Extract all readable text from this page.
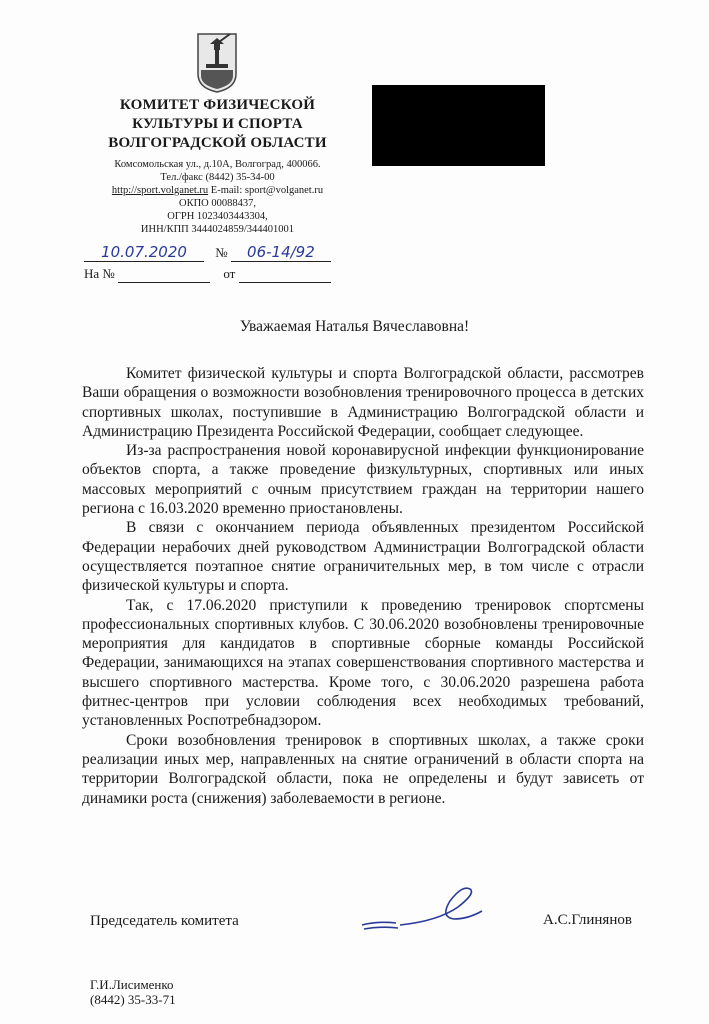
КОМИТЕТ ФИЗИЧЕСКОЙ
КУЛЬТУРЫ И СПОРТА
ВОЛГОГРАДСКОЙ ОБЛАСТИ
Комсомольская ул., д.10А, Волгоград, 400066.
Тел./факс (8442) 35-34-00
http://sport.volganet.ru E-mail: sport@volganet.ru
ОКПО 00088437,
ОГРН 1023403443304,
ИНН/КПП 3444024859/344401001
10.07.2020 № 06-14/92
На №	от
Уважаемая Наталья Вячеславовна!

Комитет физической культуры и спорта Волгоградской области, рассмотрев Ваши обращения о возможности возобновления тренировочного процесса в детских спортивных школах, поступившие в Администрацию Волгоградской области и Администрацию Президента Российской Федерации, сообщает следующее.

Из-за распространения новой коронавирусной инфекции функционирование объектов спорта, а также проведение физкультурных, спортивных или иных массовых мероприятий с очным присутствием граждан на территории нашего региона с 16.03.2020 временно приостановлены.

В связи с окончанием периода объявленных президентом Российской Федерации нерабочих дней руководством Администрации Волгоградской области осуществляется поэтапное снятие ограничительных мер, в том числе с отрасли физической культуры и спорта.

Так, с 17.06.2020 приступили к проведению тренировок спортсмены профессиональных спортивных клубов. С 30.06.2020 возобновлены тренировочные мероприятия для кандидатов в спортивные сборные команды Российской Федерации, занимающихся на этапах совершенствования спортивного мастерства и высшего спортивного мастерства. Кроме того, с 30.06.2020 разрешена работа фитнес-центров при условии соблюдения всех необходимых требований, установленных Роспотребнадзором.

Сроки возобновления тренировок в спортивных школах, а также сроки реализации иных мер, направленных на снятие ограничений в области спорта на территории Волгоградской области, пока не определены и будут зависеть от динамики роста (снижения) заболеваемости в регионе.

Председатель комитета	А.С.Глинянов
Г.И.Лисименко
(8442) 35-33-71
